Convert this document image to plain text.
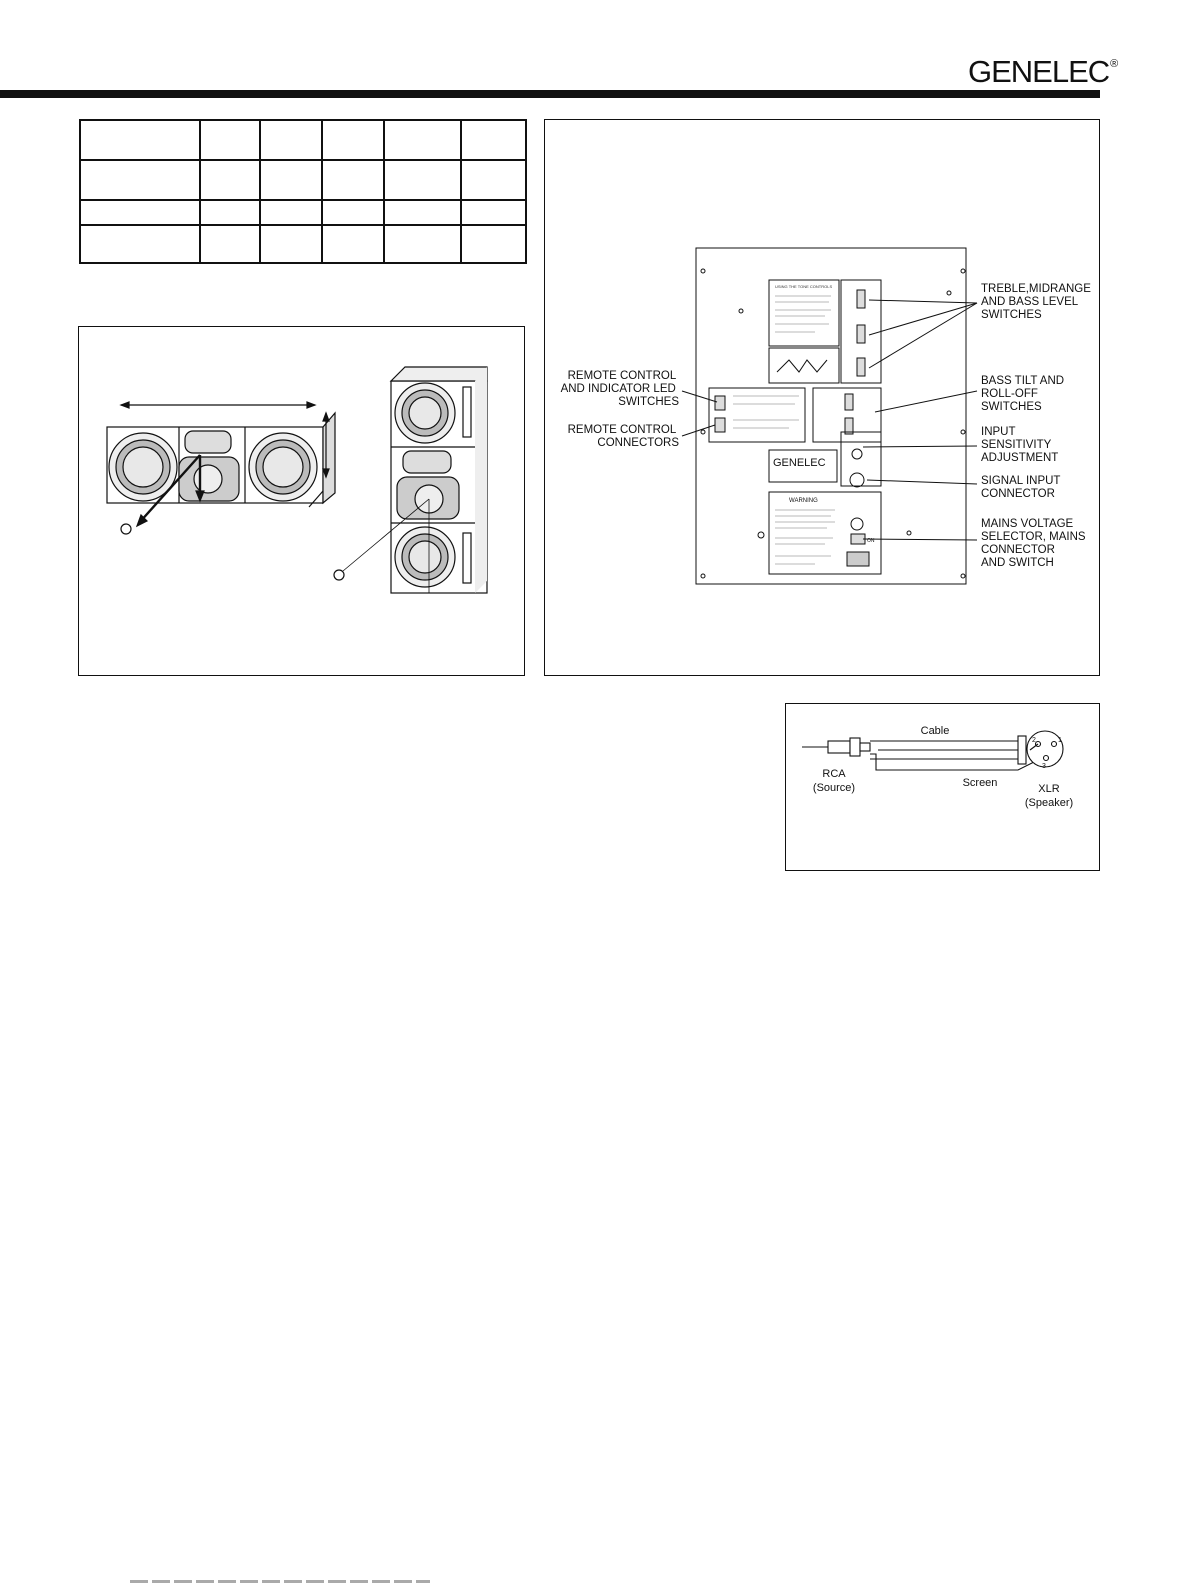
GENELEC®

USING THE TONE CONTROLS
GENELEC
WARNING
ON
TREBLE,MIDRANGE AND BASS LEVEL SWITCHES
BASS TILT AND ROLL-OFF SWITCHES
INPUT SENSITIVITY ADJUSTMENT
SIGNAL INPUT CONNECTOR
MAINS VOLTAGE SELECTOR, MAINS CONNECTOR AND SWITCH
REMOTE CONTROL AND INDICATOR LED SWITCHES
REMOTE CONTROL CONNECTORS
Cable
RCA
(Source)	Screen	XLR
(Speaker)
1
2
3
